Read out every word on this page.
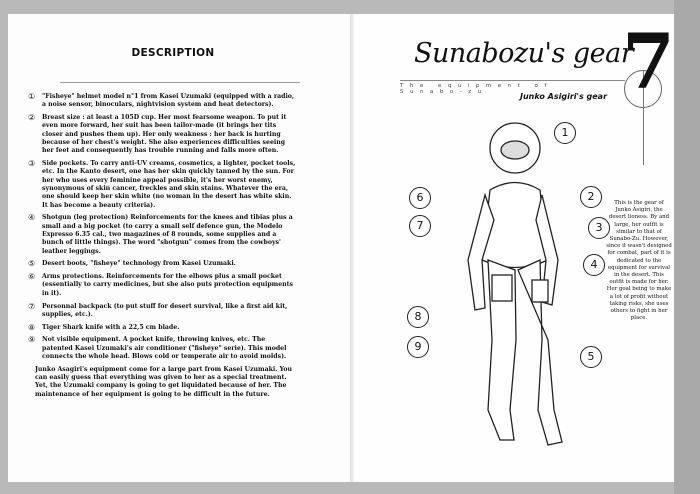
DESCRIPTION
①	"Fisheye" helmet model n°1 from Kasei Uzumaki (equipped with a radio, a noise sensor, binoculars, nightvision system and heat detectors).
②	Breast size : at least a 105D cup. Her most fearsome weapon. To put it even more forward, her suit has been tailor-made (it brings her tits closer and pushes them up). Her only weakness : her back is hurting because of her chest's weight. She also experiences difficulties seeing her feet and consequently has trouble running and falls more often.
③	Side pockets. To carry anti-UV creams, cosmetics, a lighter, pocket tools, etc. In the Kanto desert, one has her skin quickly tanned by the sun. For her who uses every feminine appeal possible, it's her worst enemy, synonymous of skin cancer, freckles and skin stains. Whatever the era, one should keep her skin white (no woman in the desert has white skin. It has become a beauty criteria).
④	Shotgun (leg protection) Reinforcements for the knees and tibias plus a small and a big pocket (to carry a small self defence gun, the Modelo Expresso 6.35 cal., two magazines of 8 rounds, some supplies and a bunch of little things). The word "shotgun" comes from the cowboys' leather leggings.
⑤	Desert boots, "fisheye" technology from Kasei Uzumaki.
⑥	Arms protections. Reinforcements for the elbows plus a small pocket (essentially to carry medicines, but she also puts protection equipments in it).
⑦	Personnal backpack (to put stuff for desert survival, like a first aid kit, supplies, etc.).
⑧	Tiger Shark knife with a 22,5 cm blade.
⑨	Not visible equipment. A pocket knife, throwing knives, etc. The patented Kasei Uzumaki's air conditioner ("fisheye" serie). This model connects the whole head. Blows cold or temperate air to avoid molds).

Junko Asagiri's equipment come for a large part from Kasei Uzumaki. You can easily guess that everything was given to her as a special treatment. Yet, the Uzumaki company is going to get liquidated because of her. The maintenance of her equipment is going to be difficult in the future.

Sunabozu's gear
The equipment of Sunabo-zu	Junko Asigiri's gear 7
1
2
3
4
5
6
7
8
9

This is the gear of Junko Asigiri, the desert lioness. By and large, her outfit is similar to that of Sunabo-Zu. However, since it wasn't designed for combat, part of it is dedicated to the equipment for survival in the desert. This outfit is made for her. Her goal being to make a lot of profit without taking risks, she uses others to fight in her place.
